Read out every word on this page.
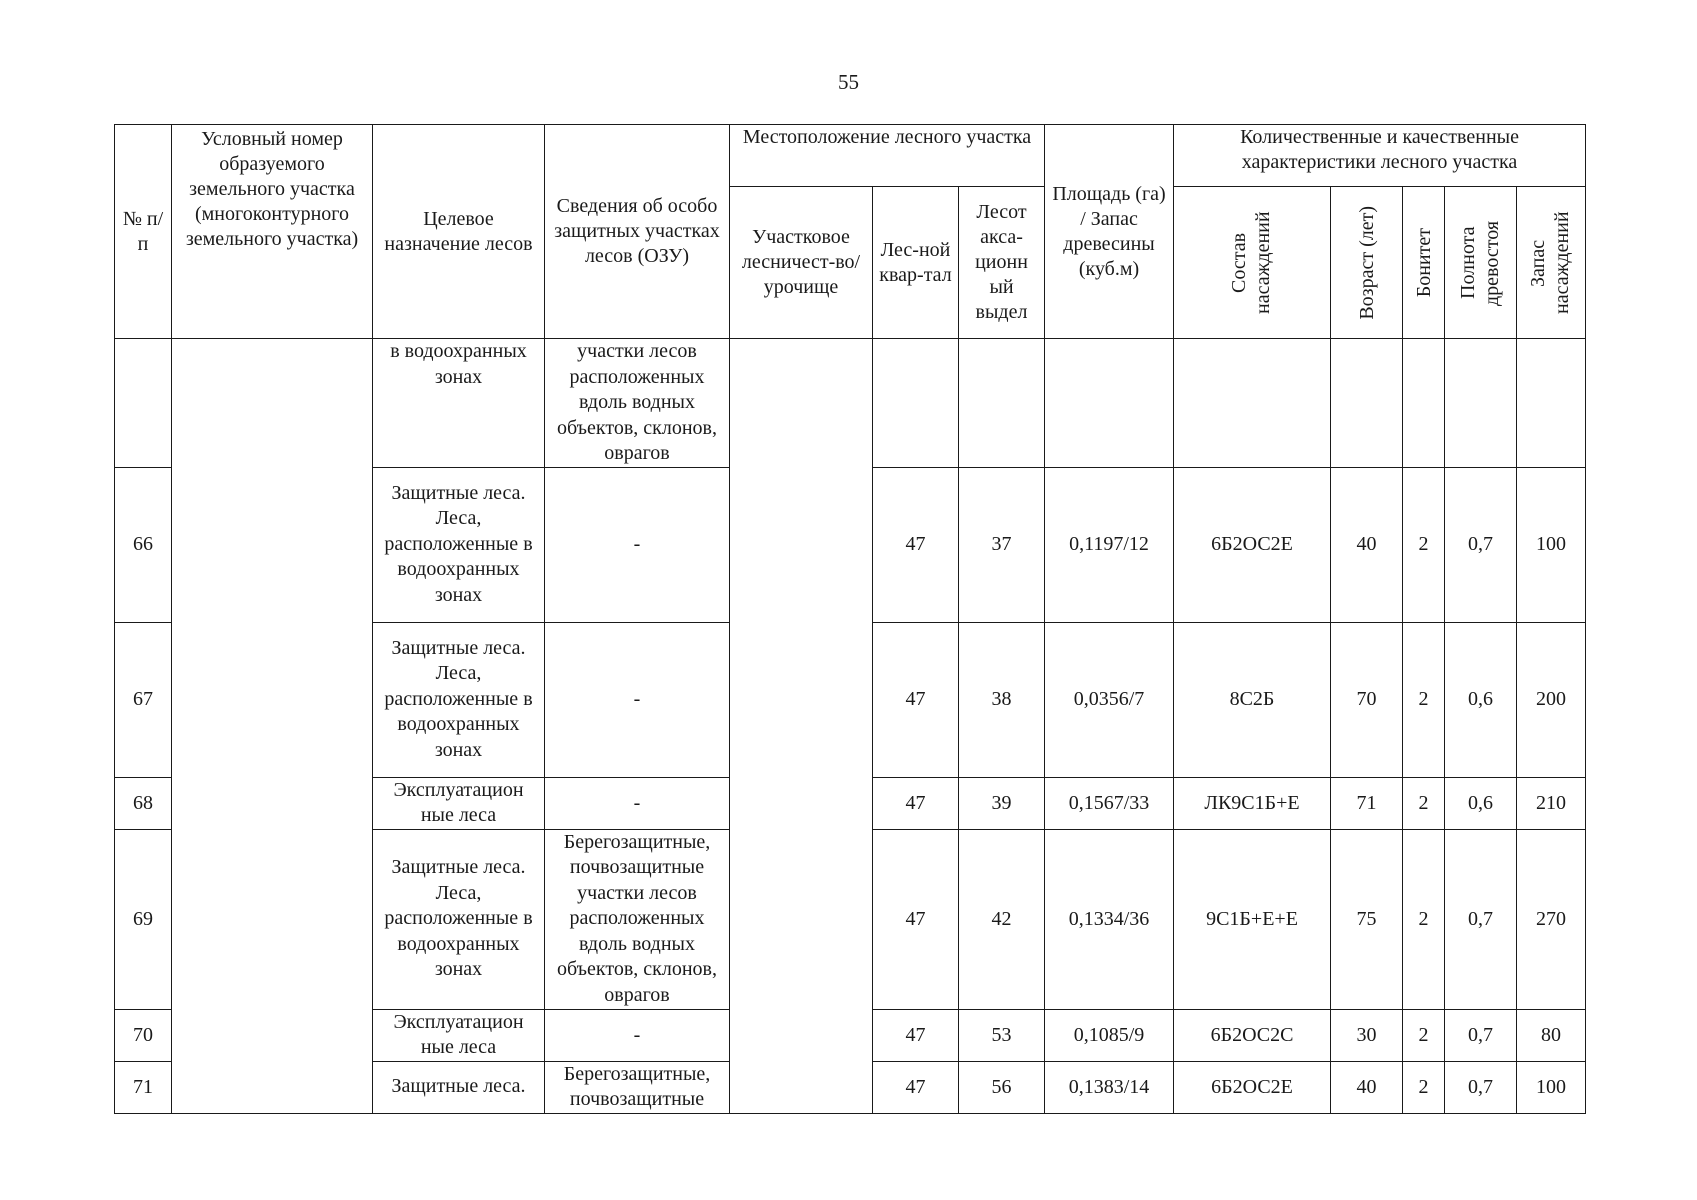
55
№ п/п	Условный номер образуемого земельного участка (многоконтурного земельного участка)	Целевое назначение лесов	Сведения об особо защитных участках лесов (ОЗУ)	Местоположение лесного участка			Площадь (га) / Запас древесины (куб.м)	Количественные и качественные характеристики лесного участка				
				Участковое лесничест-во/урочище	Лес-ной квар-тал	Лесот акса-ционн ый выдел		Состав насаждений	Возраст (лет)	Бонитет	Полнота древостоя	Запас насаждений

		в водоохранных зонах	участки лесов расположенных вдоль водных объектов, склонов, оврагов									
66		Защитные леса. Леса, расположенные в водоохранных зонах	-		47	37	0,1197/12	6Б2ОС2Е	40	2	0,7	100
67		Защитные леса. Леса, расположенные в водоохранных зонах	-		47	38	0,0356/7	8С2Б	70	2	0,6	200
68		Эксплуатацион ные леса	-		47	39	0,1567/33	ЛК9С1Б+Е	71	2	0,6	210
69		Защитные леса. Леса, расположенные в водоохранных зонах	Берегозащитные, почвозащитные участки лесов расположенных вдоль водных объектов, склонов, оврагов		47	42	0,1334/36	9С1Б+Е+Е	75	2	0,7	270
70		Эксплуатацион ные леса	-		47	53	0,1085/9	6Б2ОС2С	30	2	0,7	80
71		Защитные леса.	Берегозащитные, почвозащитные		47	56	0,1383/14	6Б2ОС2Е	40	2	0,7	100
